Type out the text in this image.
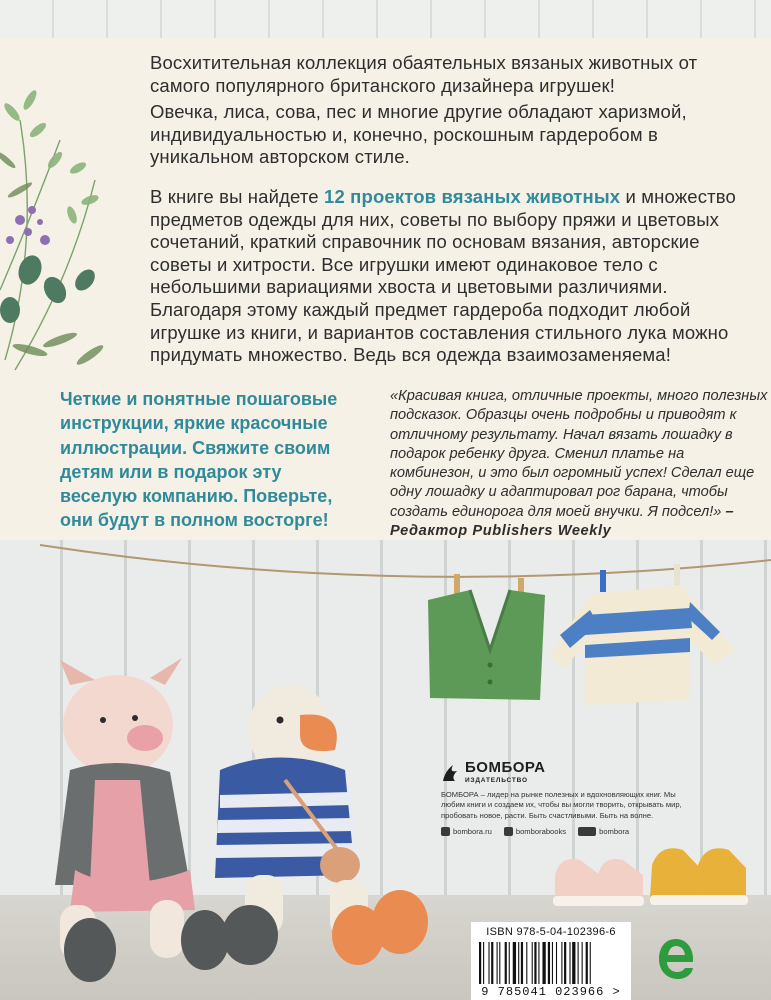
Восхитительная коллекция обаятельных вязаных животных от самого популярного британского дизайнера игрушек!

Овечка, лиса, сова, пес и многие другие обладают харизмой, индивидуальностью и, конечно, роскошным гардеробом в уникальном авторском стиле.

В книге вы найдете 12 проектов вязаных животных и множество предметов одежды для них, советы по выбору пряжи и цветовых сочетаний, краткий справочник по основам вязания, авторские советы и хитрости. Все игрушки имеют одинаковое тело с небольшими вариациями хвоста и цветовыми различиями. Благодаря этому каждый предмет гардероба подходит любой игрушке из книги, и вариантов составления стильного лука можно придумать множество. Ведь вся одежда взаимозаменяема!

Четкие и понятные пошаговые инструкции, яркие красочные иллюстрации. Свяжите своим детям или в подарок эту веселую компанию. Поверьте, они будут в полном восторге!

«Красивая книга, отличные проекты, много полезных подсказок. Образцы очень подробны и приводят к отличному результату. Начал вязать лошадку в подарок ребенку друга. Сменил платье на комбинезон, и это был огромный успех! Сделал еще одну лошадку и адаптировал рог барана, чтобы создать единорога для моей внучки. Я подсел!» – Редактор Publishers Weekly

БОМБОРА
ИЗДАТЕЛЬСТВО

БОМБОРА – лидер на рынке полезных и вдохновляющих книг. Мы любим книги и создаем их, чтобы вы могли творить, открывать мир, пробовать новое, расти. Быть счастливыми. Быть на волне.

bombora.ru	bomborabooks	bombora
ISBN 978-5-04-102396-6
9 785041 023966 >
